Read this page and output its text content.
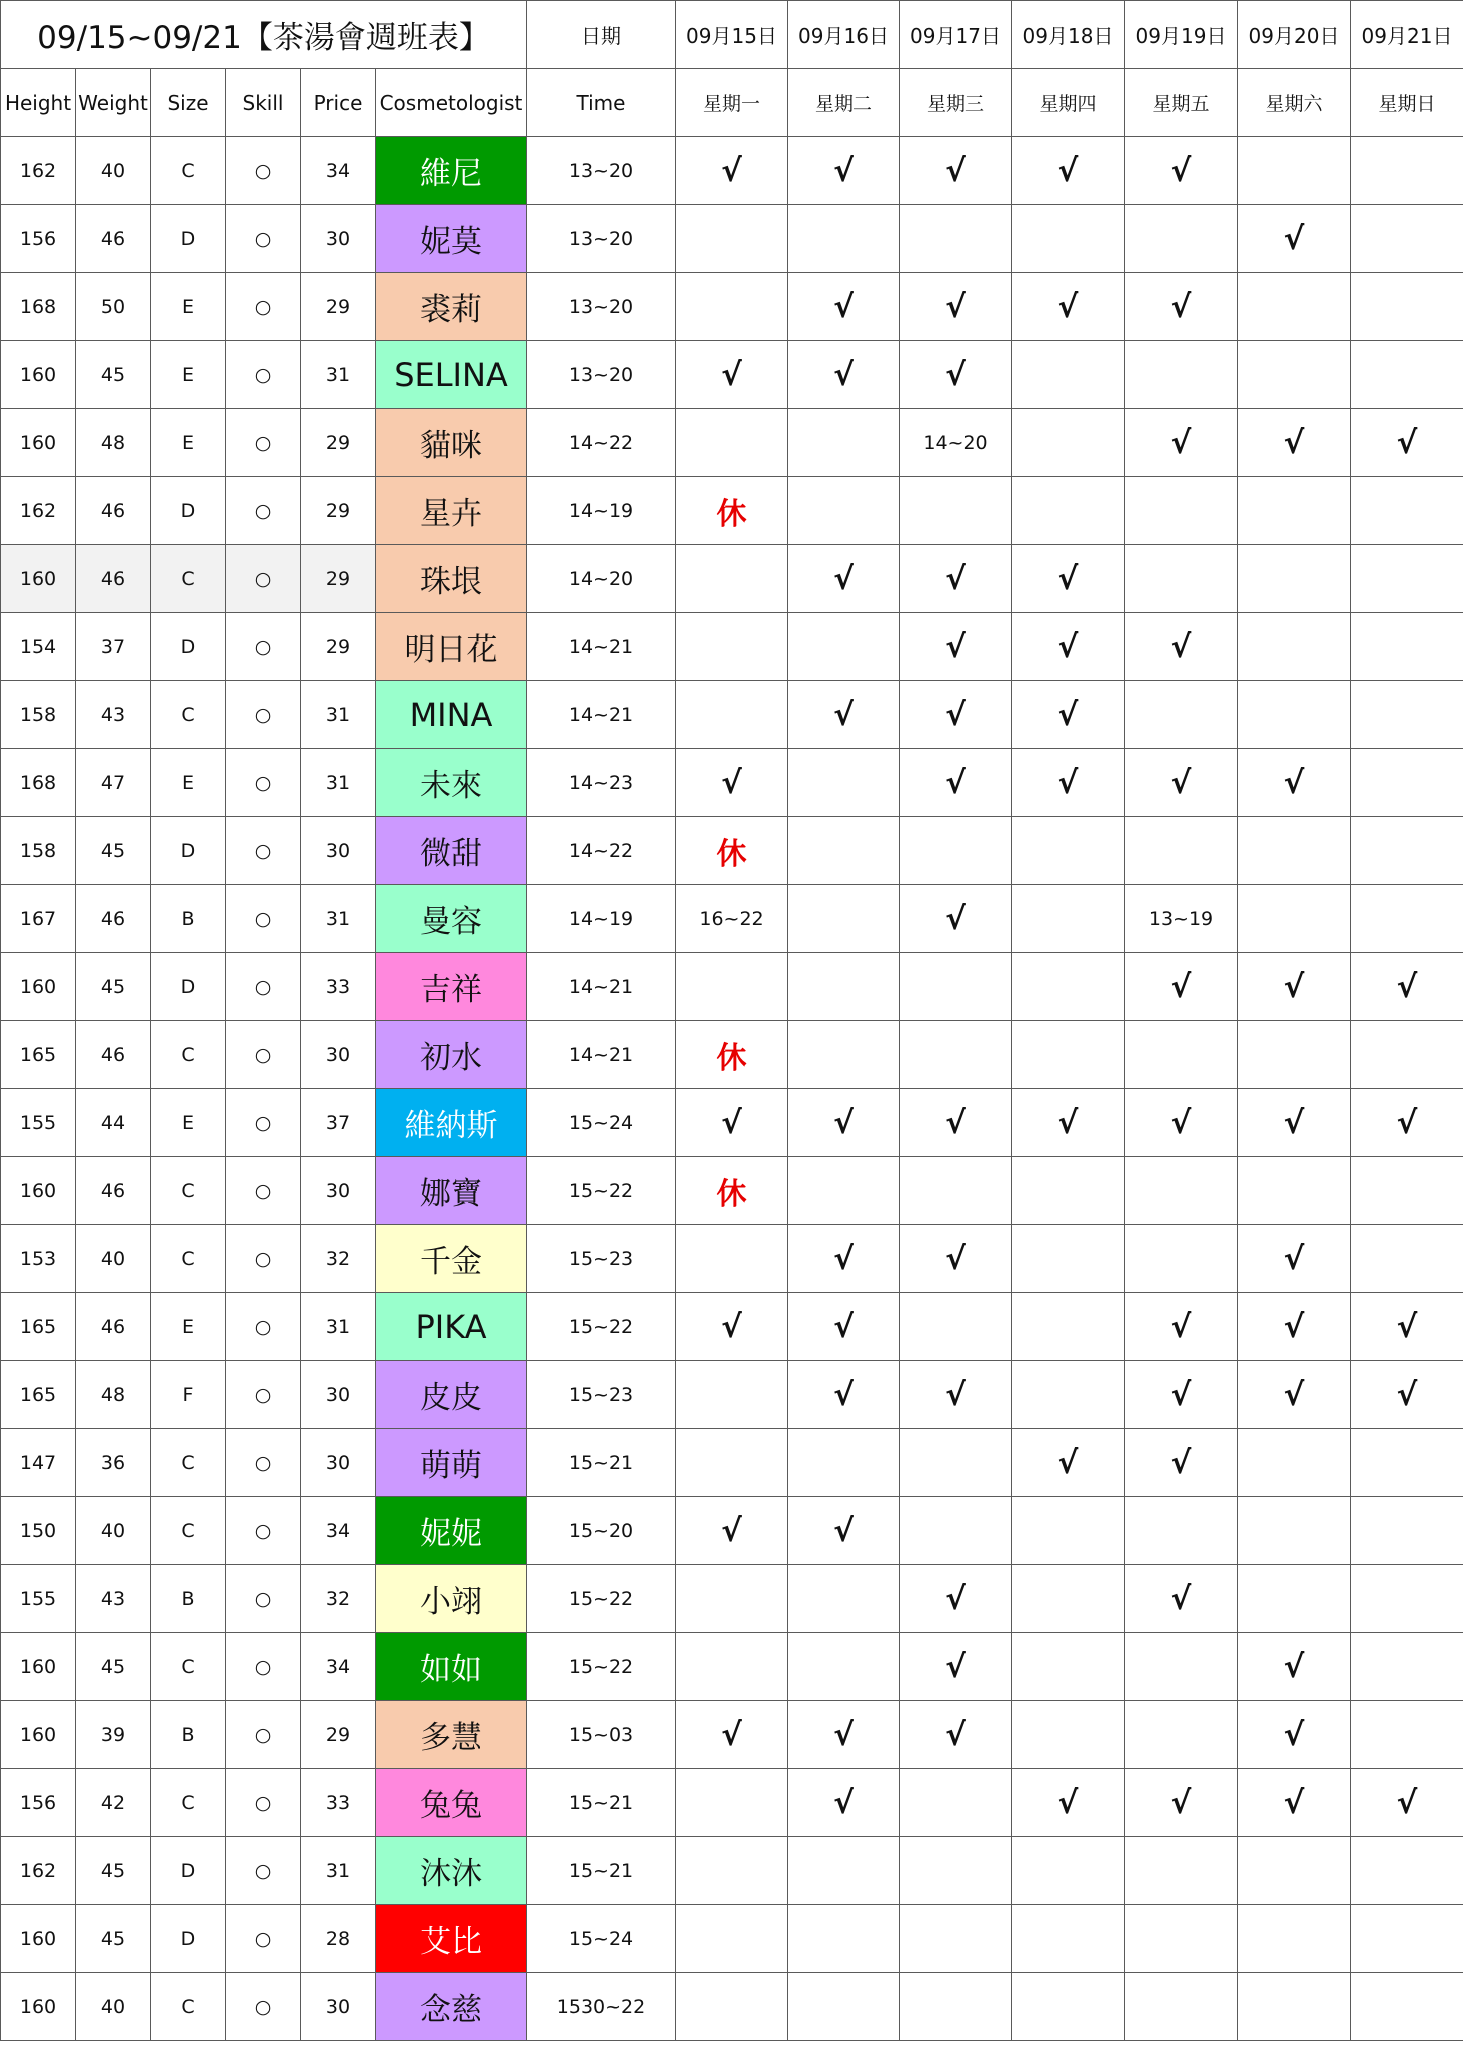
09/15~09/21【茶湯會週班表】						日期	09月15日	09月16日	09月17日	09月18日	09月19日	09月20日	09月21日
Height	Weight	Size	Skill	Price	Cosmetologist	Time	星期一	星期二	星期三	星期四	星期五	星期六	星期日
162	40	C	○	34	維尼	13~20	√	√	√	√	√		
156	46	D	○	30	妮莫	13~20						√	
168	50	E	○	29	裘莉	13~20		√	√	√	√		
160	45	E	○	31	SELINA	13~20	√	√	√				
160	48	E	○	29	貓咪	14~22			14~20		√	√	√
162	46	D	○	29	星卉	14~19	休						
160	46	C	○	29	珠垠	14~20		√	√	√			
154	37	D	○	29	明日花	14~21			√	√	√		
158	43	C	○	31	MINA	14~21		√	√	√			
168	47	E	○	31	未來	14~23	√		√	√	√	√	
158	45	D	○	30	微甜	14~22	休						
167	46	B	○	31	曼容	14~19	16~22		√		13~19		
160	45	D	○	33	吉祥	14~21					√	√	√
165	46	C	○	30	初水	14~21	休						
155	44	E	○	37	維納斯	15~24	√	√	√	√	√	√	√
160	46	C	○	30	娜寶	15~22	休						
153	40	C	○	32	千金	15~23		√	√			√	
165	46	E	○	31	PIKA	15~22	√	√			√	√	√
165	48	F	○	30	皮皮	15~23		√	√		√	√	√
147	36	C	○	30	萌萌	15~21				√	√		
150	40	C	○	34	妮妮	15~20	√	√					
155	43	B	○	32	小翊	15~22			√		√		
160	45	C	○	34	如如	15~22			√			√	
160	39	B	○	29	多慧	15~03	√	√	√			√	
156	42	C	○	33	兔兔	15~21		√		√	√	√	√
162	45	D	○	31	沐沐	15~21							
160	45	D	○	28	艾比	15~24							
160	40	C	○	30	念慈	1530~22							
